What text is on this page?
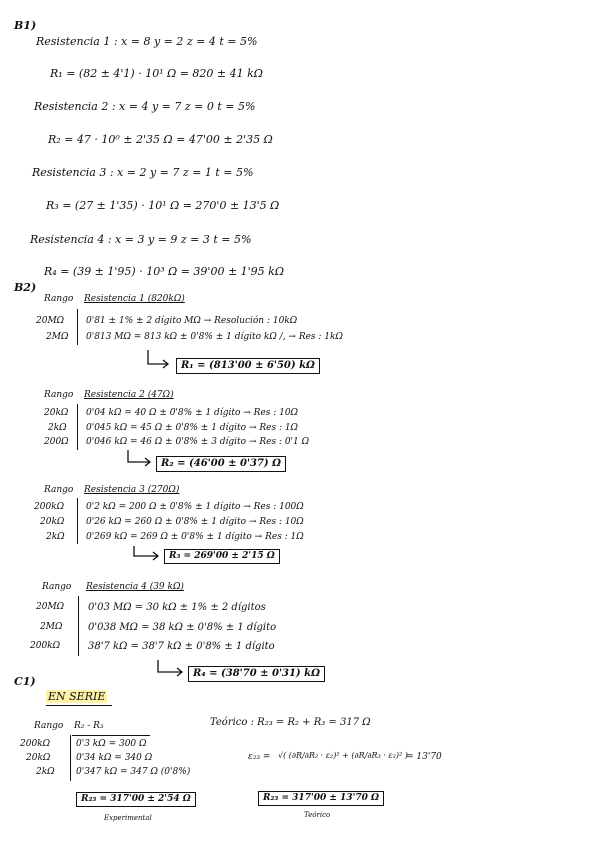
B1)
Resistencia 1 : x = 8 y = 2 z = 4 t = 5%
R₁ = (82 ± 4'1) · 10¹ Ω = 820 ± 41 kΩ
Resistencia 2 : x = 4 y = 7 z = 0 t = 5%
R₂ = 47 · 10⁰ ± 2'35 Ω = 47'00 ± 2'35 Ω
Resistencia 3 : x = 2 y = 7 z = 1 t = 5%
R₃ = (27 ± 1'35) · 10¹ Ω = 270'0 ± 13'5 Ω
Resistencia 4 : x = 3 y = 9 z = 3 t = 5%
R₄ = (39 ± 1'95) · 10³ Ω = 39'00 ± 1'95 kΩ
B2)
Rango Resistencia 1 (820kΩ)
20MΩ
2MΩ
0'81 ± 1% ± 2 dígito MΩ → Resolución : 10kΩ
0'813 MΩ = 813 kΩ ± 0'8% ± 1 dígito kΩ /, → Res : 1kΩ
R₁ = (813'00 ± 6'50) kΩ
Rango Resistencia 2 (47Ω)
20kΩ
2kΩ
200Ω
0'04 kΩ = 40 Ω ± 0'8% ± 1 dígito → Res : 10Ω
0'045 kΩ = 45 Ω ± 0'8% ± 1 dígito → Res : 1Ω
0'046 kΩ = 46 Ω ± 0'8% ± 3 dígito → Res : 0'1 Ω
R₂ = (46'00 ± 0'37) Ω
Rango Resistencia 3 (270Ω)
200kΩ
20kΩ
2kΩ
0'2 kΩ = 200 Ω ± 0'8% ± 1 dígito → Res : 100Ω
0'26 kΩ = 260 Ω ± 0'8% ± 1 dígito → Res : 10Ω
0'269 kΩ = 269 Ω ± 0'8% ± 1 dígito → Res : 1Ω
R₃ = 269'00 ± 2'15 Ω
Rango Resistencia 4 (39 kΩ)
20MΩ
2MΩ
200kΩ
0'03 MΩ = 30 kΩ ± 1% ± 2 dígitos
0'038 MΩ = 38 kΩ ± 0'8% ± 1 dígito
38'7 kΩ = 38'7 kΩ ± 0'8% ± 1 dígito
R₄ = (38'70 ± 0'31) kΩ
C1)
EN SERIE
Rango R₂ - R₃
200kΩ
20kΩ
2kΩ
0'3 kΩ = 300 Ω
0'34 kΩ = 340 Ω
0'347 kΩ = 347 Ω (0'8%)
R₂₃ = 317'00 ± 2'54 Ω
Experimental
Teórico : R₂₃ = R₂ + R₃ = 317 Ω
ε₂₃ = √( (∂R/∂R₂ · ε₂)² + (∂R/∂R₃ · ε₃)² )
= 13'70
R₂₃ = 317'00 ± 13'70 Ω
Teórico
